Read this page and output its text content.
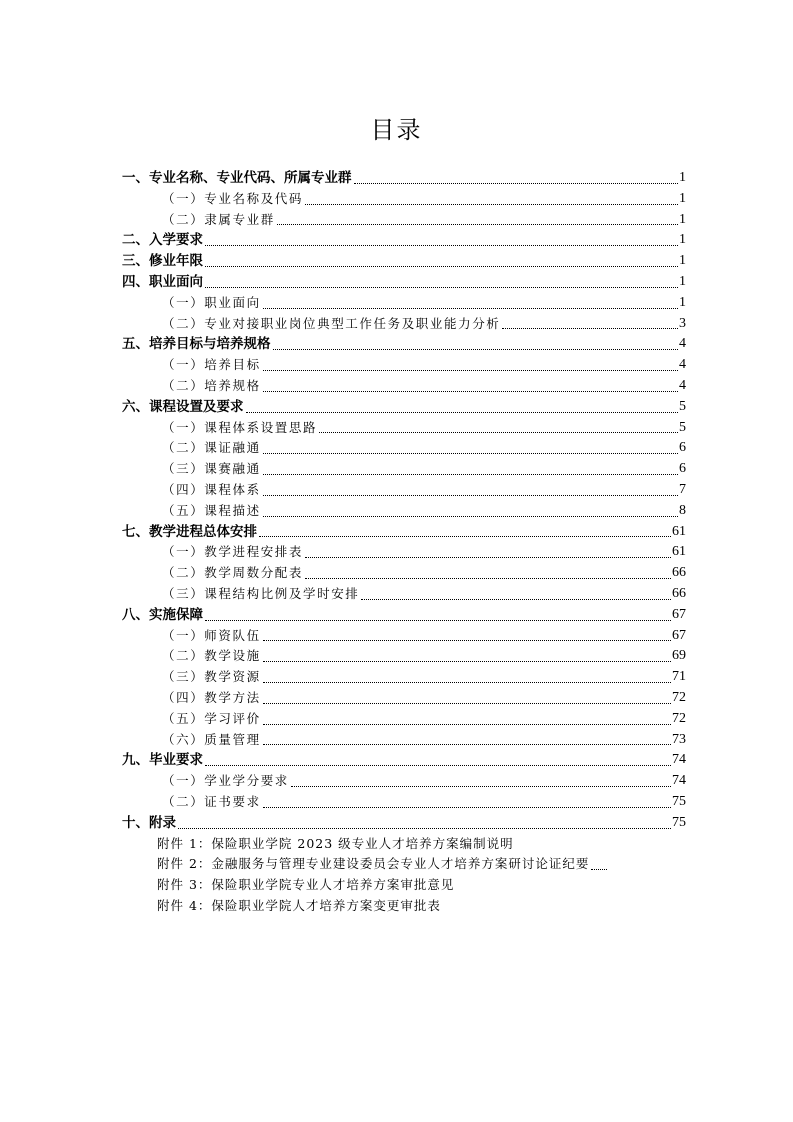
目录
一、专业名称、专业代码、所属专业群	1
（一）专业名称及代码	1
（二）隶属专业群	1
二、入学要求	1
三、修业年限	1
四、职业面向	1
（一）职业面向	1
（二）专业对接职业岗位典型工作任务及职业能力分析	3
五、培养目标与培养规格	4
（一）培养目标	4
（二）培养规格	4
六、课程设置及要求	5
（一）课程体系设置思路	5
（二）课证融通	6
（三）课赛融通	6
（四）课程体系	7
（五）课程描述	8
七、教学进程总体安排	61
（一）教学进程安排表	61
（二）教学周数分配表	66
（三）课程结构比例及学时安排	66
八、实施保障	67
（一）师资队伍	67
（二）教学设施	69
（三）教学资源	71
（四）教学方法	72
（五）学习评价	72
（六）质量管理	73
九、毕业要求	74
（一）学业学分要求	74
（二）证书要求	75
十、附录	75
附件 1：保险职业学院 2023 级专业人才培养方案编制说明
附件 2：金融服务与管理专业建设委员会专业人才培养方案研讨论证纪要
附件 3：保险职业学院专业人才培养方案审批意见
附件 4：保险职业学院人才培养方案变更审批表
